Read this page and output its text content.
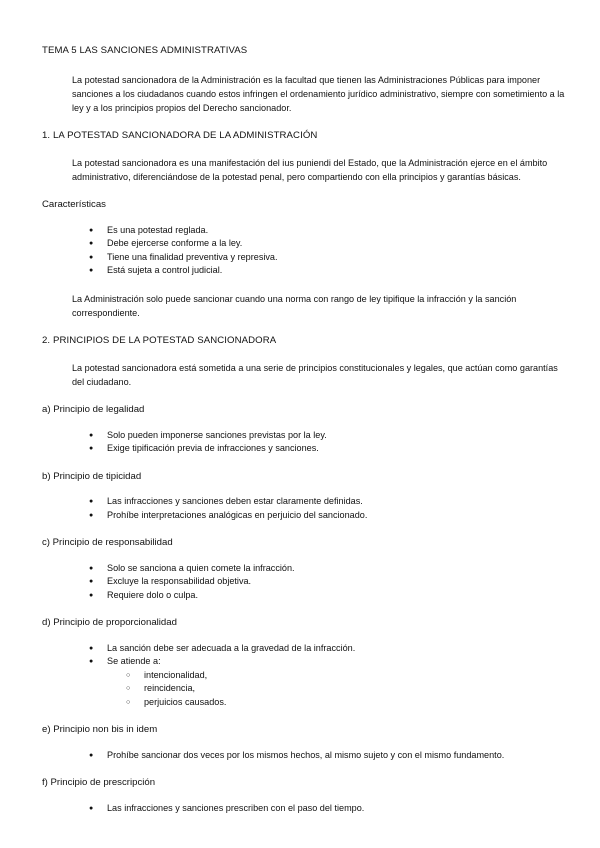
TEMA 5 LAS SANCIONES ADMINISTRATIVAS

La potestad sancionadora de la Administración es la facultad que tienen las Administraciones Públicas para imponer sanciones a los ciudadanos cuando estos infringen el ordenamiento jurídico administrativo, siempre con sometimiento a la ley y a los principios propios del Derecho sancionador.

1. LA POTESTAD SANCIONADORA DE LA ADMINISTRACIÓN

La potestad sancionadora es una manifestación del ius puniendi del Estado, que la Administración ejerce en el ámbito administrativo, diferenciándose de la potestad penal, pero compartiendo con ella principios y garantías básicas.

Características
● Es una potestad reglada.
● Debe ejercerse conforme a la ley.
● Tiene una finalidad preventiva y represiva.
● Está sujeta a control judicial.

La Administración solo puede sancionar cuando una norma con rango de ley tipifique la infracción y la sanción correspondiente.

2. PRINCIPIOS DE LA POTESTAD SANCIONADORA

La potestad sancionadora está sometida a una serie de principios constitucionales y legales, que actúan como garantías del ciudadano.

a) Principio de legalidad
● Solo pueden imponerse sanciones previstas por la ley.
● Exige tipificación previa de infracciones y sanciones.
b) Principio de tipicidad
● Las infracciones y sanciones deben estar claramente definidas.
● Prohíbe interpretaciones analógicas en perjuicio del sancionado.
c) Principio de responsabilidad
● Solo se sanciona a quien comete la infracción.
● Excluye la responsabilidad objetiva.
● Requiere dolo o culpa.
d) Principio de proporcionalidad
● La sanción debe ser adecuada a la gravedad de la infracción.
● Se atiende a:
○ intencionalidad,
○ reincidencia,
○ perjuicios causados.
e) Principio non bis in idem
● Prohíbe sancionar dos veces por los mismos hechos, al mismo sujeto y con el mismo fundamento.
f) Principio de prescripción
● Las infracciones y sanciones prescriben con el paso del tiempo.
